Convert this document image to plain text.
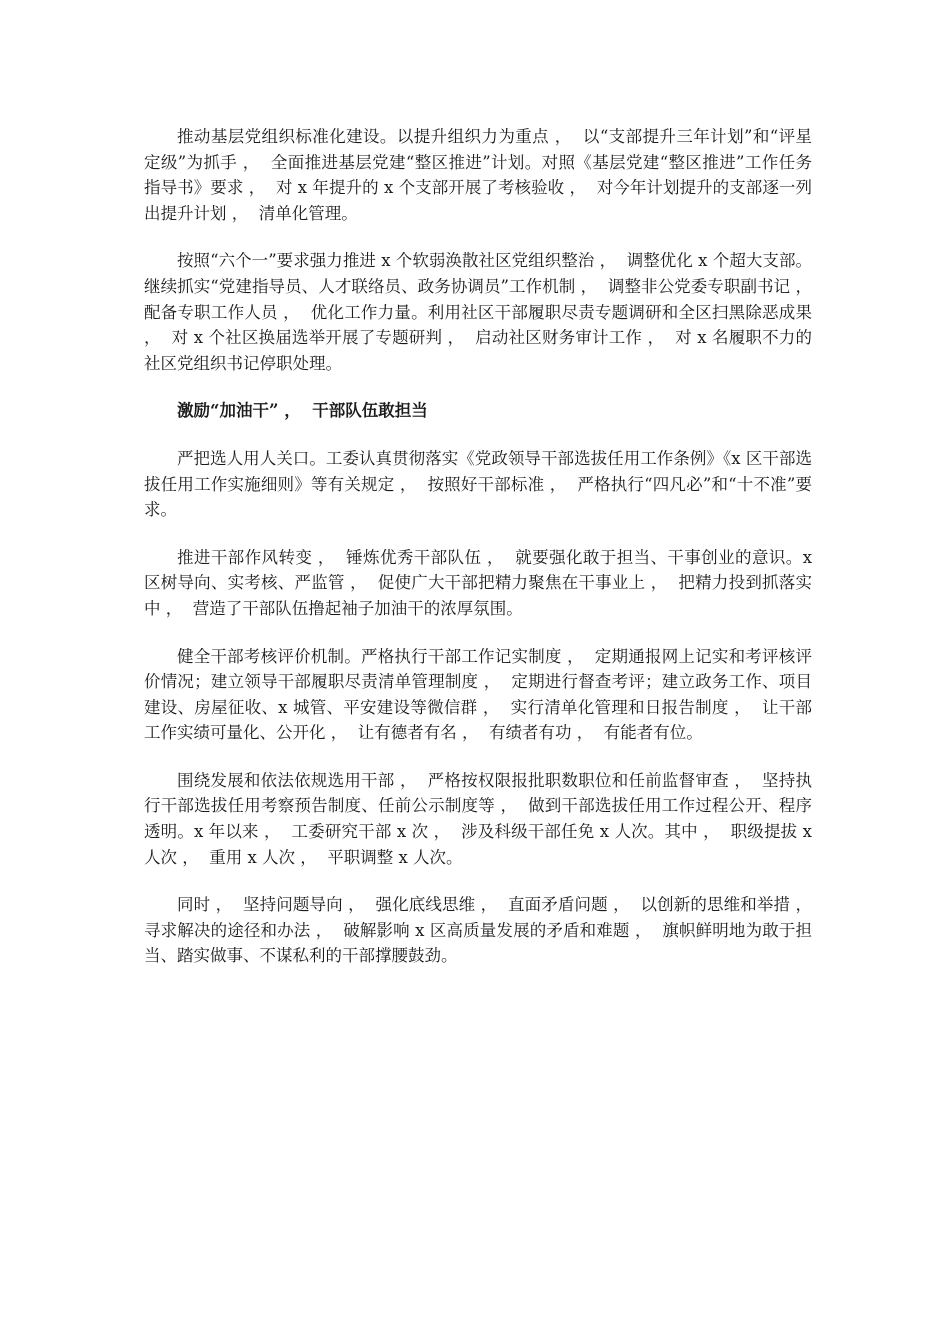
推动基层党组织标准化建设。以提升组织力为重点 ，  以“支部提升三年计划”和“评星定级”为抓手 ，  全面推进基层党建“整区推进”计划。对照《基层党建“整区推进”工作任务指导书》要求 ，  对 x 年提升的 x 个支部开展了考核验收 ，  对今年计划提升的支部逐一列出提升计划 ，  清单化管理。

按照“六个一”要求强力推进 x 个软弱涣散社区党组织整治 ，  调整优化 x 个超大支部。继续抓实“党建指导员、人才联络员、政务协调员”工作机制 ，  调整非公党委专职副书记 ，  配备专职工作人员 ，  优化工作力量。利用社区干部履职尽责专题调研和全区扫黑除恶成果 ，  对 x 个社区换届选举开展了专题研判 ，  启动社区财务审计工作 ，  对 x 名履职不力的社区党组织书记停职处理。

激励“加油干” ，  干部队伍敢担当

严把选人用人关口。工委认真贯彻落实《党政领导干部选拔任用工作条例》《x 区干部选拔任用工作实施细则》等有关规定 ，  按照好干部标准 ，  严格执行“四凡必”和“十不准”要求。

推进干部作风转变 ，  锤炼优秀干部队伍 ，  就要强化敢于担当、干事创业的意识。x 区树导向、实考核、严监管 ，  促使广大干部把精力聚焦在干事业上 ，  把精力投到抓落实中 ，  营造了干部队伍撸起袖子加油干的浓厚氛围。

健全干部考核评价机制。严格执行干部工作记实制度 ，  定期通报网上记实和考评核评价情况；建立领导干部履职尽责清单管理制度 ，  定期进行督查考评；建立政务工作、项目建设、房屋征收、x 城管、平安建设等微信群 ，  实行清单化管理和日报告制度 ，  让干部工作实绩可量化、公开化 ，  让有德者有名 ，  有绩者有功 ，  有能者有位。

围绕发展和依法依规选用干部 ，  严格按权限报批职数职位和任前监督审查 ，  坚持执行干部选拔任用考察预告制度、任前公示制度等 ，  做到干部选拔任用工作过程公开、程序透明。x 年以来 ，  工委研究干部 x 次 ，  涉及科级干部任免 x 人次。其中 ，  职级提拔 x 人次 ，  重用 x 人次 ，  平职调整 x 人次。

同时 ，  坚持问题导向 ，  强化底线思维 ，  直面矛盾问题 ，  以创新的思维和举措 ，  寻求解决的途径和办法 ，  破解影响 x 区高质量发展的矛盾和难题 ，  旗帜鲜明地为敢于担当、踏实做事、不谋私利的干部撑腰鼓劲。
